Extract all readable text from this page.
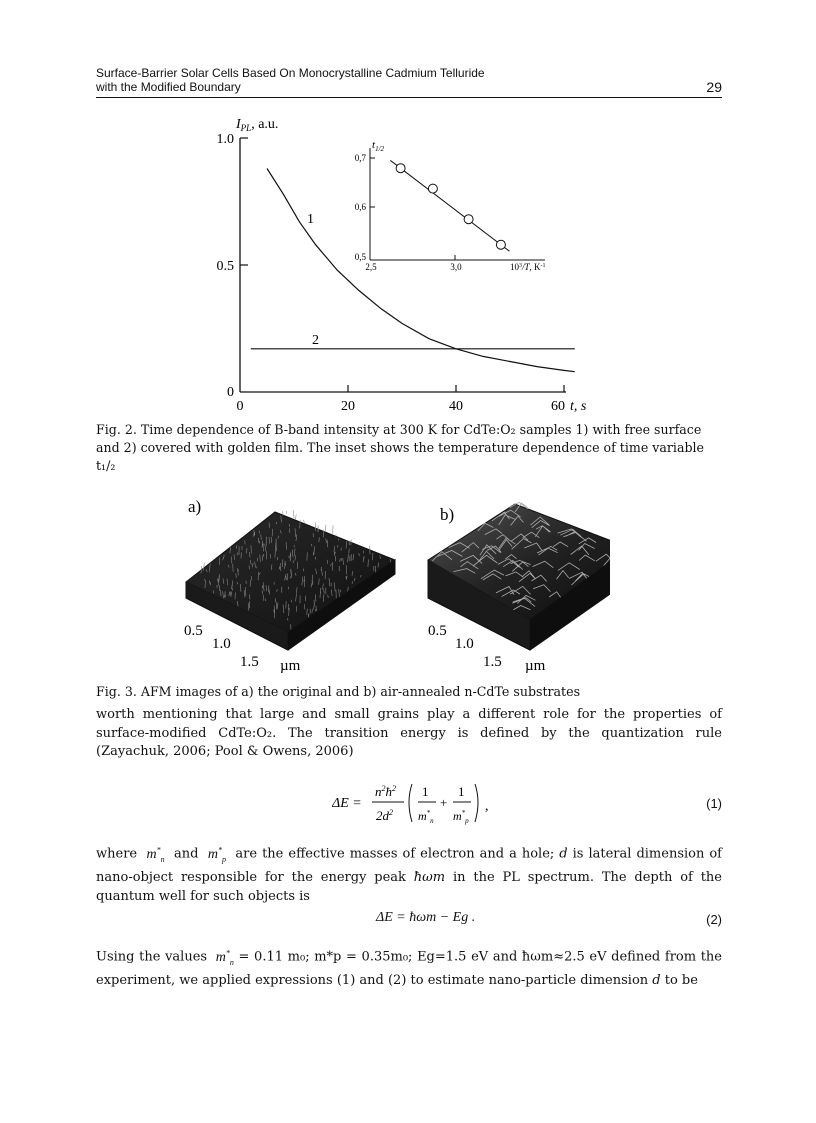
Surface-Barrier Solar Cells Based On Monocrystalline Cadmium Telluride
with the Modified Boundary	29
1.0
0.5
0
0	20	40	60 t, s
$I_{PL}$, a.u.
1
2
0,7
0,6
0,5
2,5	3,0	$10^3/T$, $K^{-1}$
$t_{1/2}$
Fig. 2. Time dependence of B-band intensity at 300 K for CdTe:O₂ samples 1) with free surface and 2) covered with golden film. The inset shows the temperature dependence of time variable t₁/₂
a)
0.5
1.0
1.5 µm
b)
0.5
1.0
1.5 µm
Fig. 3. AFM images of a) the original and b) air-annealed n-CdTe substrates
worth mentioning that large and small grains play a different role for the properties of surface-modified CdTe:O₂. The transition energy is defined by the quantization rule (Zayachuk, 2006; Pool & Owens, 2006)
ΔE =
$n^2ħ^2$
$2d^2$
1
$m^*_n$
+
1
$m^*_p$
,	(1)
where  $m^*_n$ and  $m^*_p$ are the effective masses of electron and a hole; d is lateral dimension of nano-object responsible for the energy peak ħωm in the PL spectrum. The depth of the quantum well for such objects is
ΔE = ħωm − Eg .	(2)
Using the values  $m^*_n = 0.11$ m₀; m*p = 0.35m₀; Eg=1.5 eV and ħωm≈2.5 eV defined from the experiment, we applied expressions (1) and (2) to estimate nano-particle dimension d to be
